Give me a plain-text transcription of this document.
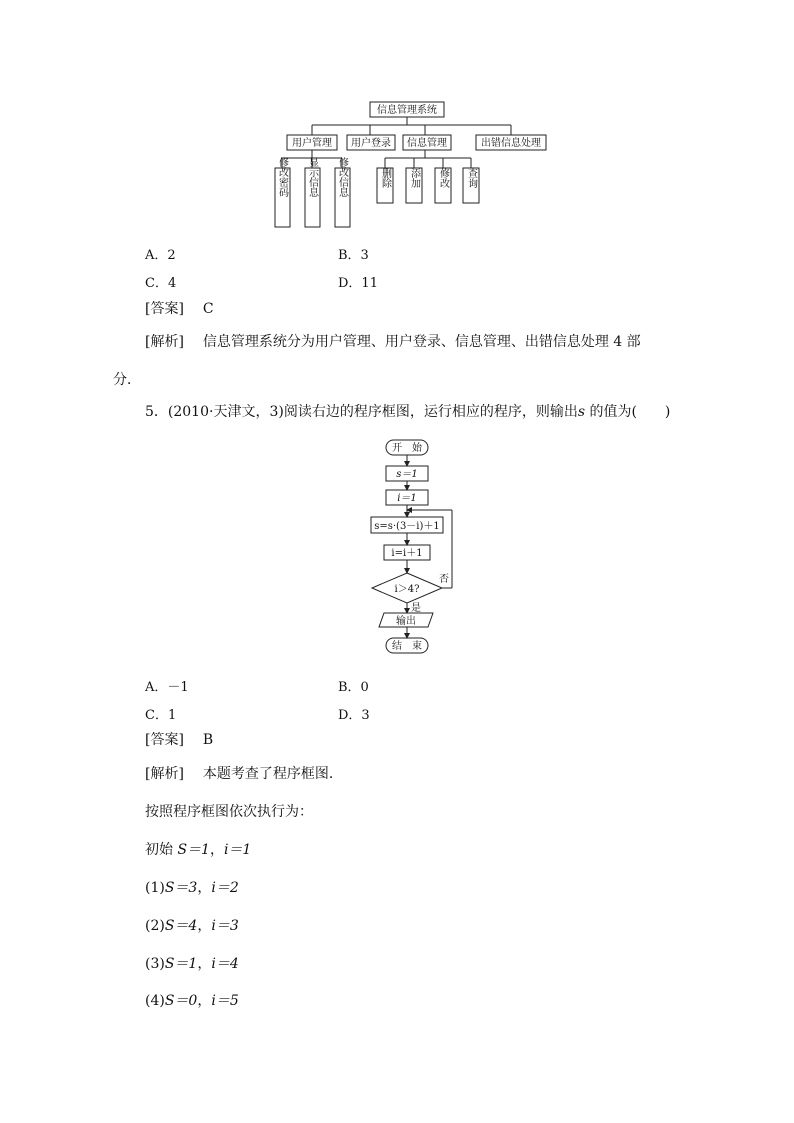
信息管理系统
用户管理 用户登录 信息管理	出错信息处理
修改密码 显示信息 修改信息	删除 添加 修改 查询
A．2	B．3
C．4	D．11
[答案] C
[解析] 信息管理系统分为用户管理、用户登录、信息管理、出错信息处理 4 部
分．
5．(2010·天津文，3)阅读右边的程序框图，运行相应的程序，则输出s 的值为(　　)
开　始
s＝1
i＝1
s=s·(3－i)＋1
i=i＋1
i＞4?
否
是
输出
结　束
A．－1	B．0
C．1	D．3
[答案] B
[解析] 本题考查了程序框图．
按照程序框图依次执行为：
初始 S＝1，i＝1
(1)S＝3，i＝2
(2)S＝4，i＝3
(3)S＝1，i＝4
(4)S＝0，i＝5
